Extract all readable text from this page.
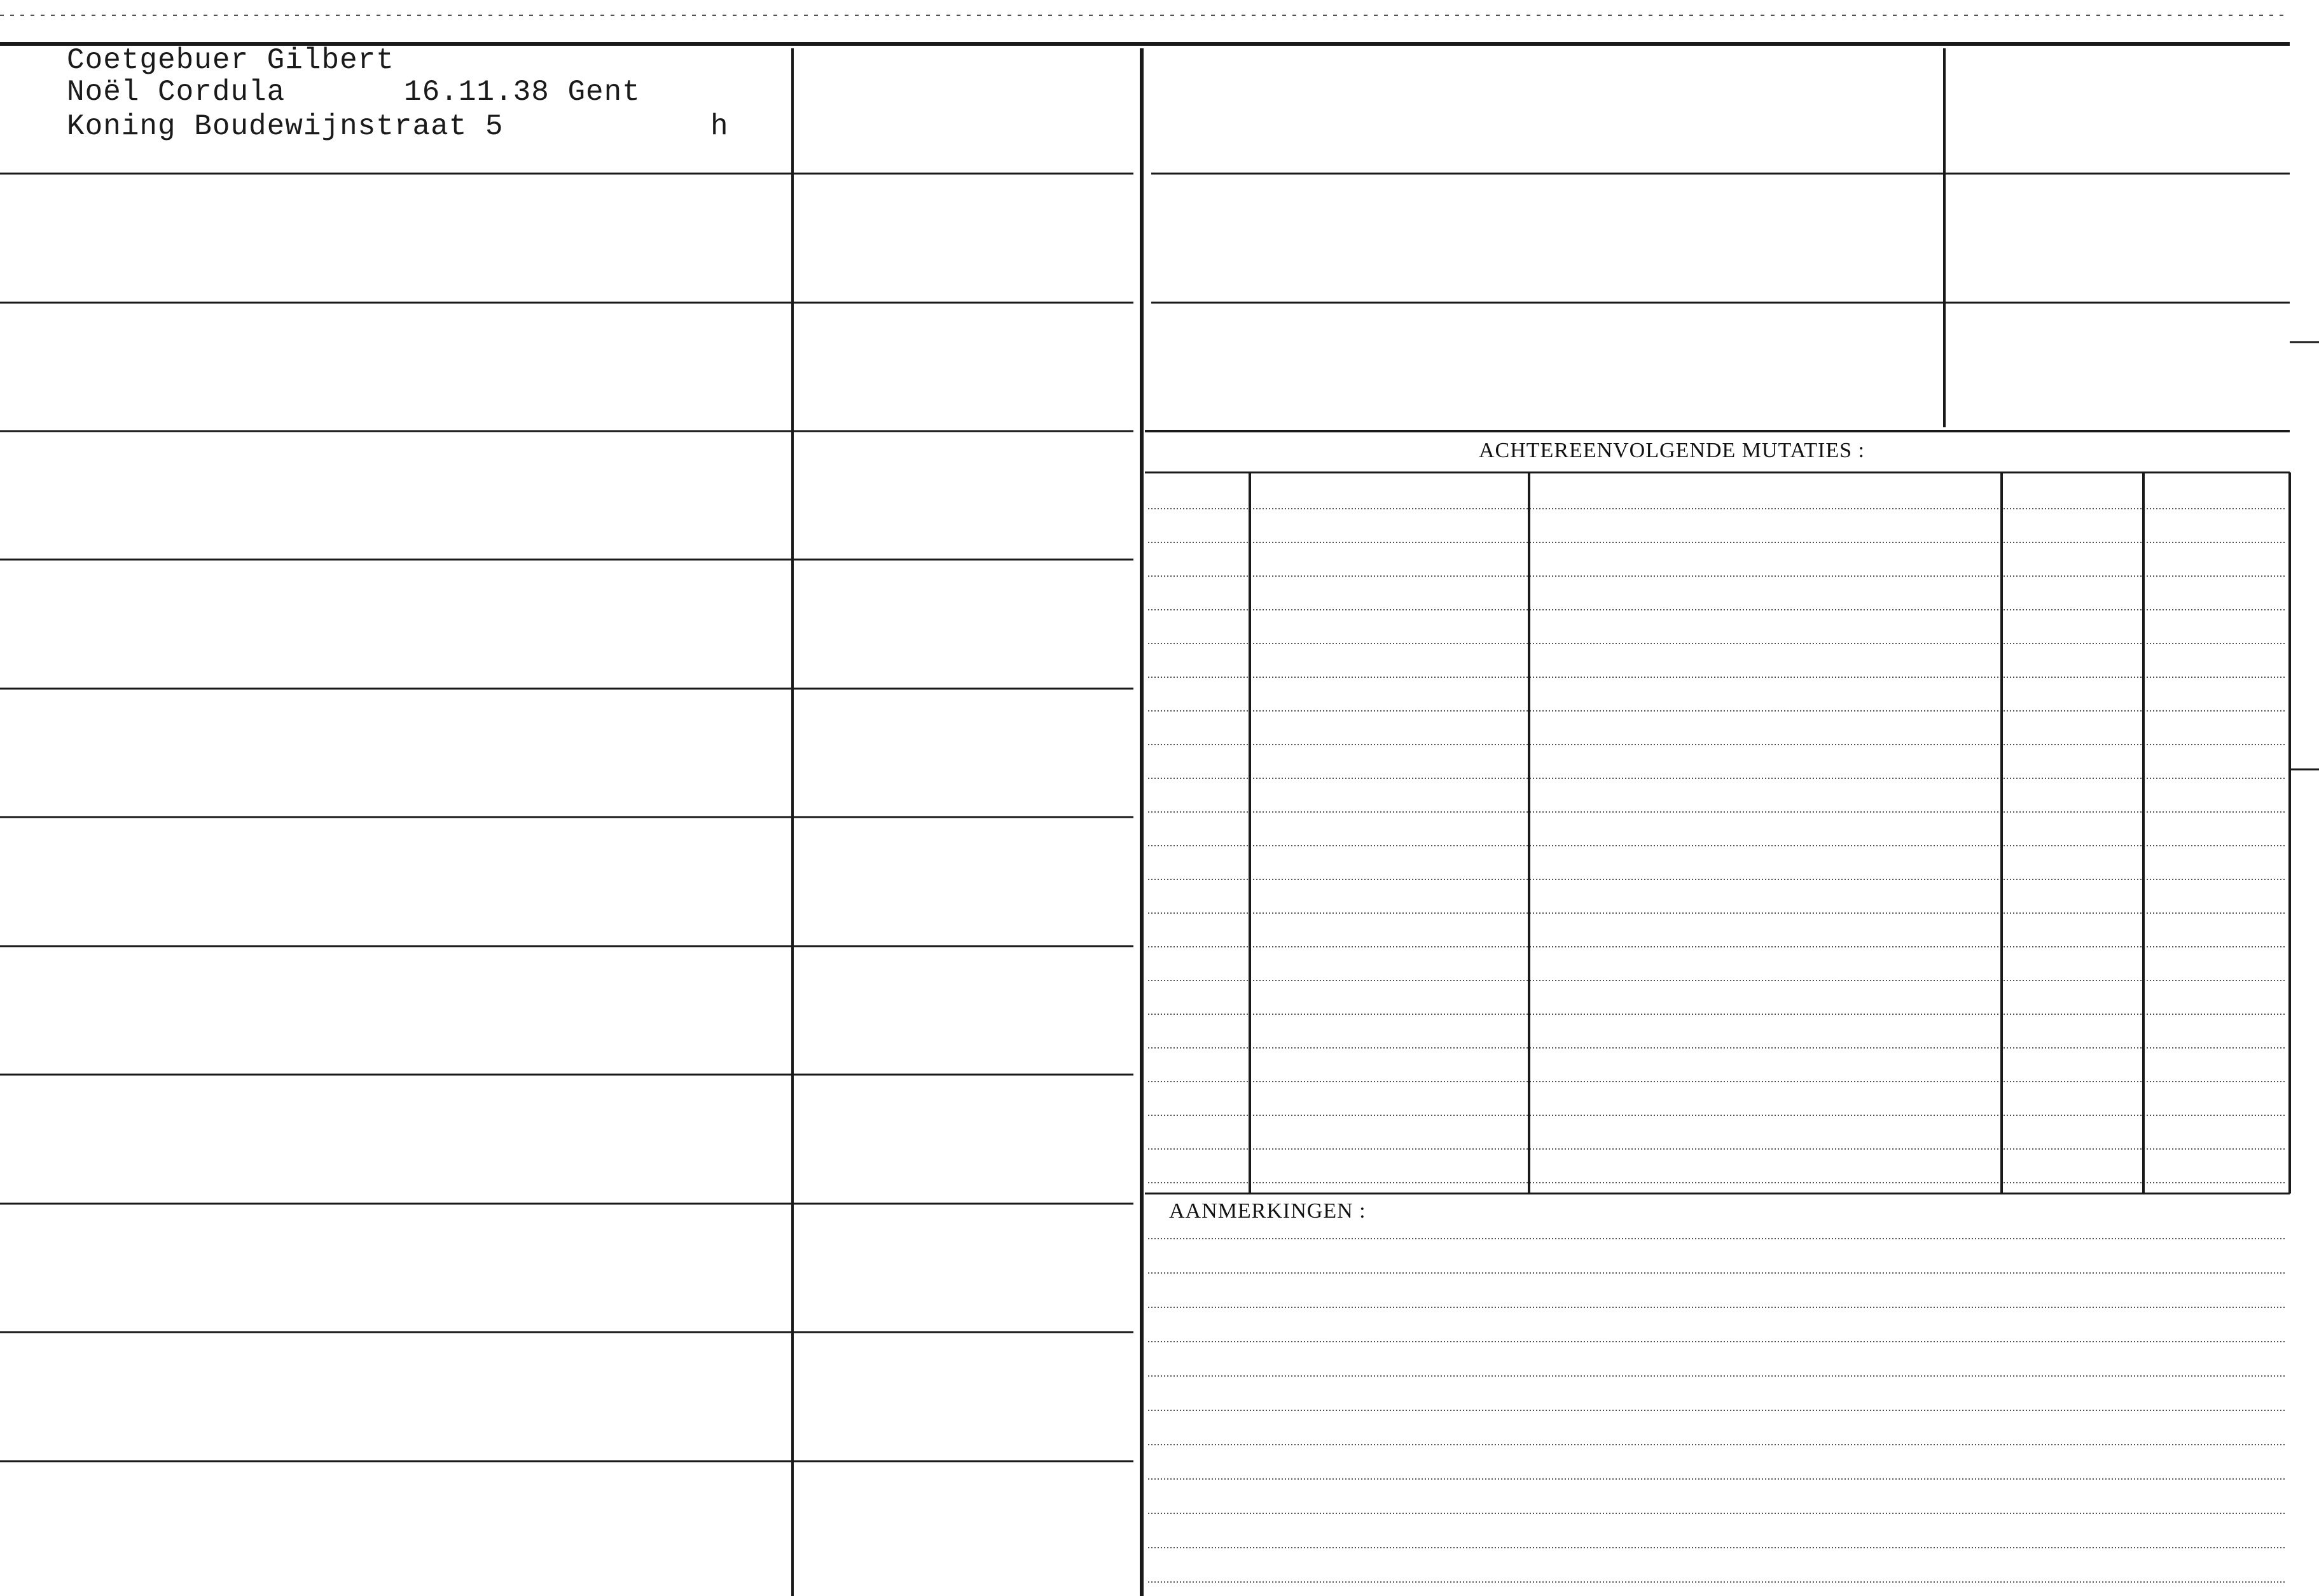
Coetgebuer Gilbert
Noël Cordula	16.11.38 Gent
Koning Boudewijnstraat 5	h
ACHTEREENVOLGENDE MUTATIES :
AANMERKINGEN :
